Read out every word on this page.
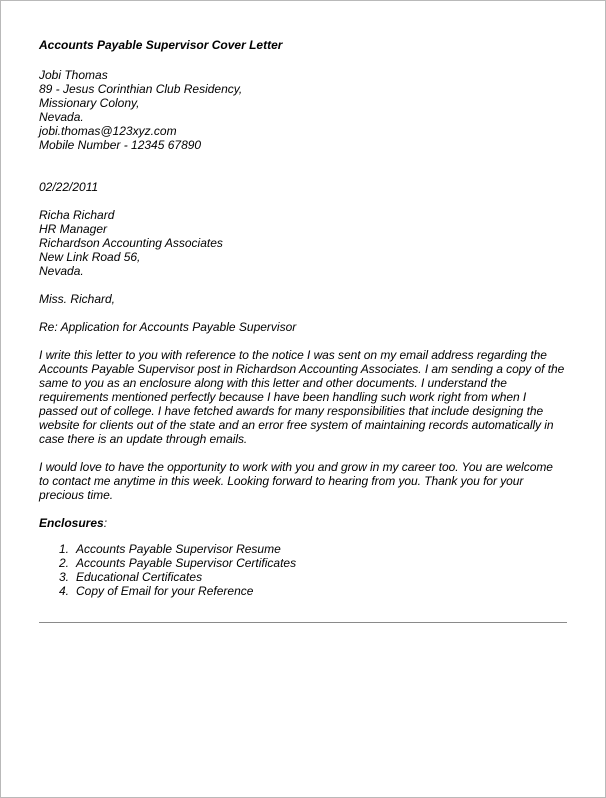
Accounts Payable Supervisor Cover Letter
Jobi Thomas
89 - Jesus Corinthian Club Residency,
Missionary Colony,
Nevada.
jobi.thomas@123xyz.com
Mobile Number - 12345 67890
02/22/2011
Richa Richard
HR Manager
Richardson Accounting Associates
New Link Road 56,
Nevada.
Miss. Richard,
Re: Application for Accounts Payable Supervisor

I write this letter to you with reference to the notice I was sent on my email address regarding the Accounts Payable Supervisor post in Richardson Accounting Associates. I am sending a copy of the same to you as an enclosure along with this letter and other documents. I understand the requirements mentioned perfectly because I have been handling such work right from when I passed out of college. I have fetched awards for many responsibilities that include designing the website for clients out of the state and an error free system of maintaining records automatically in case there is an update through emails.

I would love to have the opportunity to work with you and grow in my career too. You are welcome to contact me anytime in this week. Looking forward to hearing from you. Thank you for your precious time.

Enclosures:
1. Accounts Payable Supervisor Resume
2. Accounts Payable Supervisor Certificates
3. Educational Certificates
4. Copy of Email for your Reference
